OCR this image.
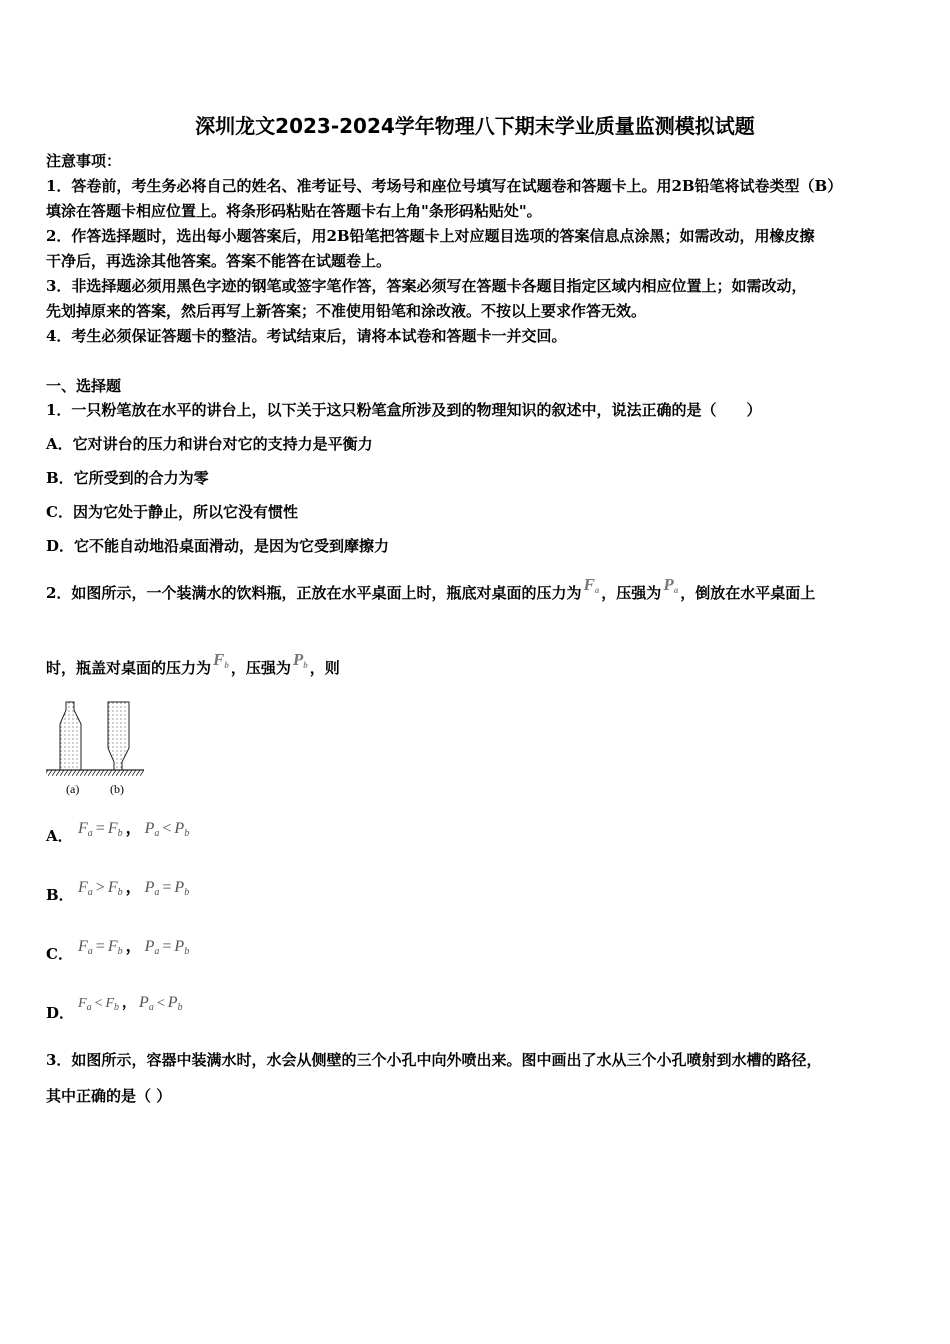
深圳龙文2023-2024学年物理八下期末学业质量监测模拟试题
注意事项：
1．答卷前，考生务必将自己的姓名、准考证号、考场号和座位号填写在试题卷和答题卡上。用2B铅笔将试卷类型（B）
填涂在答题卡相应位置上。将条形码粘贴在答题卡右上角"条形码粘贴处"。
2．作答选择题时，选出每小题答案后，用2B铅笔把答题卡上对应题目选项的答案信息点涂黑；如需改动，用橡皮擦
干净后，再选涂其他答案。答案不能答在试题卷上。
3．非选择题必须用黑色字迹的钢笔或签字笔作答，答案必须写在答题卡各题目指定区域内相应位置上；如需改动，
先划掉原来的答案，然后再写上新答案；不准使用铅笔和涂改液。不按以上要求作答无效。
4．考生必须保证答题卡的整洁。考试结束后，请将本试卷和答题卡一并交回。
一、选择题
1．一只粉笔放在水平的讲台上，以下关于这只粉笔盒所涉及到的物理知识的叙述中，说法正确的是（　　）
A．它对讲台的压力和讲台对它的支持力是平衡力
B．它所受到的合力为零
C．因为它处于静止，所以它没有惯性
D．它不能自动地沿桌面滑动，是因为它受到摩擦力
2．如图所示，一个装满水的饮料瓶，正放在水平桌面上时，瓶底对桌面的压力为 $F_a$ ，压强为 $P_a$ ，倒放在水平桌面上
时，瓶盖对桌面的压力为 $F_b$ ，压强为 $P_b$ ，则
(a)	(b)
A． $F_a = F_b$ ， $P_a < P_b$
B． $F_a > F_b$ ， $P_a = P_b$
C． $F_a = F_b$ ， $P_a = P_b$
D．
$F_a < F_b$ ， $P_a < P_b$
3．如图所示，容器中装满水时，水会从侧壁的三个小孔中向外喷出来。图中画出了水从三个小孔喷射到水槽的路径，
其中正确的是（ ）
